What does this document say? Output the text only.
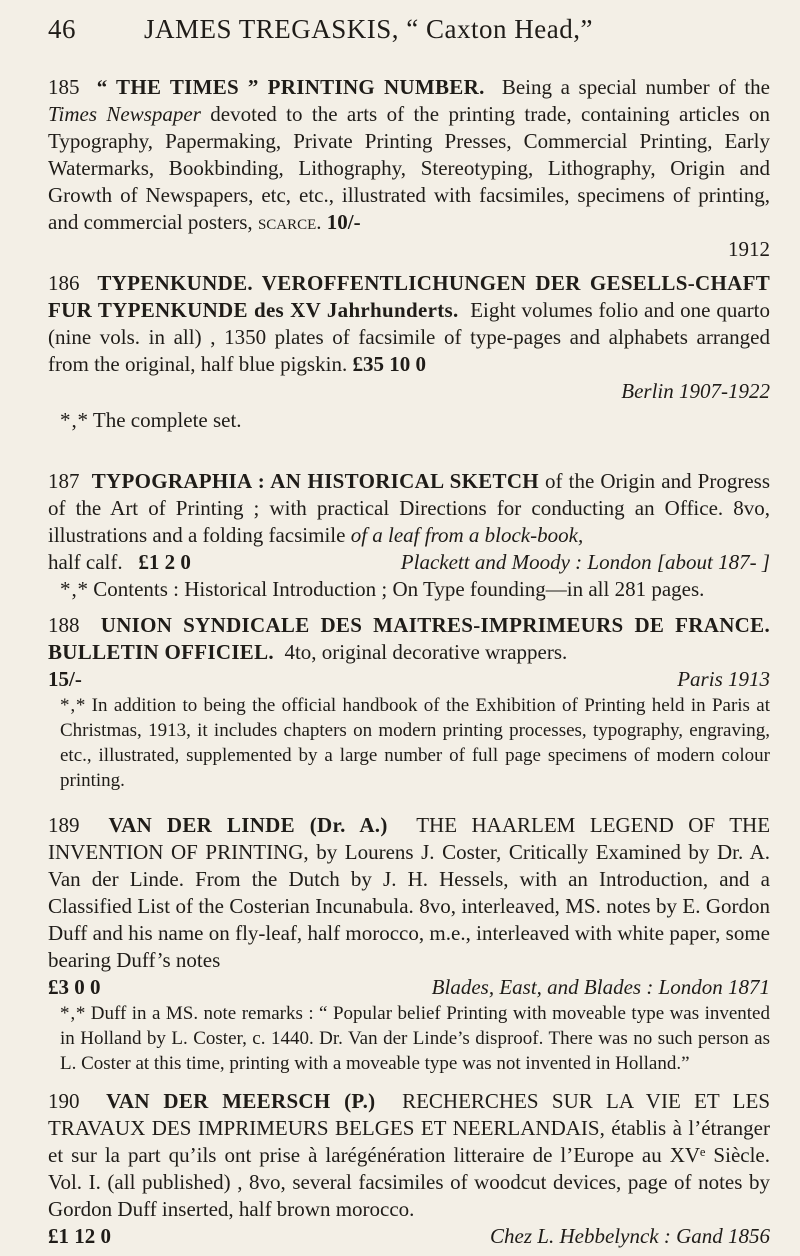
46	JAMES TREGASKIS, “ Caxton Head,”

185 “ THE TIMES ” PRINTING NUMBER. Being a special number of the Times Newspaper devoted to the arts of the printing trade, containing articles on Typography, Papermaking, Private Printing Presses, Commercial Printing, Early Watermarks, Bookbinding, Lithography, Stereotyping, Lithography, Origin and Growth of Newspapers, etc, etc., illustrated with facsimiles, specimens of printing, and commercial posters, scarce. 10/-

1912

186 TYPENKUNDE. VEROFFENTLICHUNGEN DER GESELLS-CHAFT FUR TYPENKUNDE des XV Jahrhunderts. Eight volumes folio and one quarto (nine vols. in all) , 1350 plates of facsimile of type-pages and alphabets arranged from the original, half blue pigskin. £35 10 0

Berlin 1907-1922

*‚* The complete set.

187 TYPOGRAPHIA : AN HISTORICAL SKETCH of the Origin and Progress of the Art of Printing ; with practical Directions for conducting an Office. 8vo, illustrations and a folding facsimile of a leaf from a block-book,

half calf. £1 2 0	Plackett and Moody : London [about 187- ]

*‚* Contents : Historical Introduction ; On Type founding—in all 281 pages.

188 UNION SYNDICALE DES MAITRES-IMPRIMEURS DE FRANCE. BULLETIN OFFICIEL. 4to, original decorative wrappers.

15/-	Paris 1913

*‚* In addition to being the official handbook of the Exhibition of Printing held in Paris at Christmas, 1913, it includes chapters on modern printing processes, typography, engraving, etc., illustrated, supplemented by a large number of full page specimens of modern colour printing.

189 VAN DER LINDE (Dr. A.) THE HAARLEM LEGEND OF THE INVENTION OF PRINTING, by Lourens J. Coster, Critically Examined by Dr. A. Van der Linde. From the Dutch by J. H. Hessels, with an Introduction, and a Classified List of the Costerian Incunabula. 8vo, interleaved, MS. notes by E. Gordon Duff and his name on fly-leaf, half morocco, m.e., interleaved with white paper, some bearing Duff’s notes

£3 0 0	Blades, East, and Blades : London 1871

*‚* Duff in a MS. note remarks : “ Popular belief Printing with moveable type was invented in Holland by L. Coster, c. 1440. Dr. Van der Linde’s disproof. There was no such person as L. Coster at this time, printing with a moveable type was not invented in Holland.”

190 VAN DER MEERSCH (P.) RECHERCHES SUR LA VIE ET LES TRAVAUX DES IMPRIMEURS BELGES ET NEERLANDAIS, établis à l’étranger et sur la part qu’ils ont prise à larégénération litteraire de l’Europe au XVᵉ Siècle. Vol. I. (all published) , 8vo, several facsimiles of woodcut devices, page of notes by Gordon Duff inserted, half brown morocco.

£1 12 0	Chez L. Hebbelynck : Gand 1856
